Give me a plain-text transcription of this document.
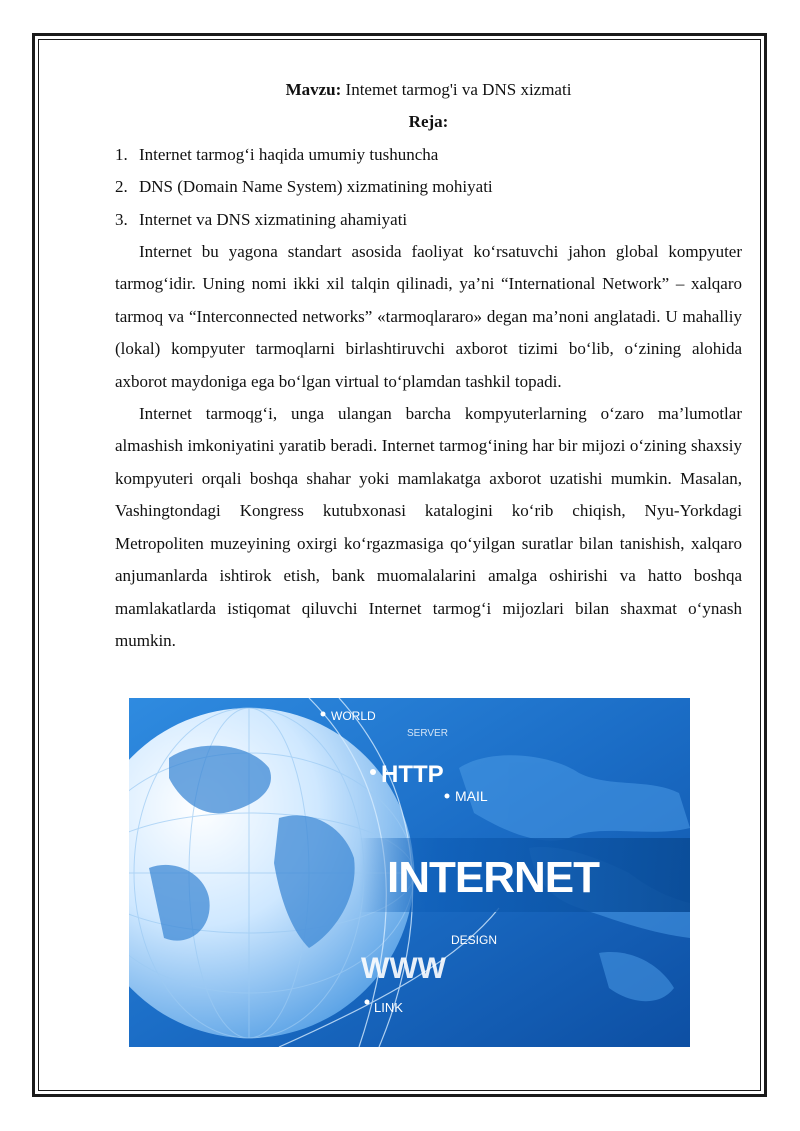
Mavzu: Intemet tarmog'i va DNS xizmati
Reja:
1. Internet tarmog‘i haqida umumiy tushuncha
2. DNS (Domain Name System) xizmatining mohiyati
3. Internet va DNS xizmatining ahamiyati

Internet bu yagona standart asosida faoliyat ko‘rsatuvchi jahon global kompyuter tarmog‘idir. Uning nomi ikki xil talqin qilinadi, ya’ni “International Network” – xalqaro tarmoq va “Interconnected networks” «tarmoqlararo» degan ma’noni anglatadi. U mahalliy (lokal) kompyuter tarmoqlarni birlashtiruvchi axborot tizimi bo‘lib, o‘zining alohida axborot maydoniga ega bo‘lgan virtual to‘plamdan tashkil topadi.

Internet tarmoqg‘i, unga ulangan barcha kompyuterlarning o‘zaro ma’lumotlar almashish imkoniyatini yaratib beradi. Internet tarmog‘ining har bir mijozi o‘zining shaxsiy kompyuteri orqali boshqa shahar yoki mamlakatga axborot uzatishi mumkin. Masalan, Vashingtondagi Kongress kutubxonasi katalogini ko‘rib chiqish, Nyu-Yorkdagi Metropoliten muzeyining oxirgi ko‘rgazmasiga qo‘yilgan suratlar bilan tanishish, xalqaro anjumanlarda ishtirok etish, bank muomalalarini amalga oshirishi va hatto boshqa mamlakatlarda istiqomat qiluvchi Internet tarmog‘i mijozlari bilan shaxmat o‘ynash mumkin.

WORLD
SERVER
HTTP
MAIL
INTERNET
DESIGN
WWW
LINK
